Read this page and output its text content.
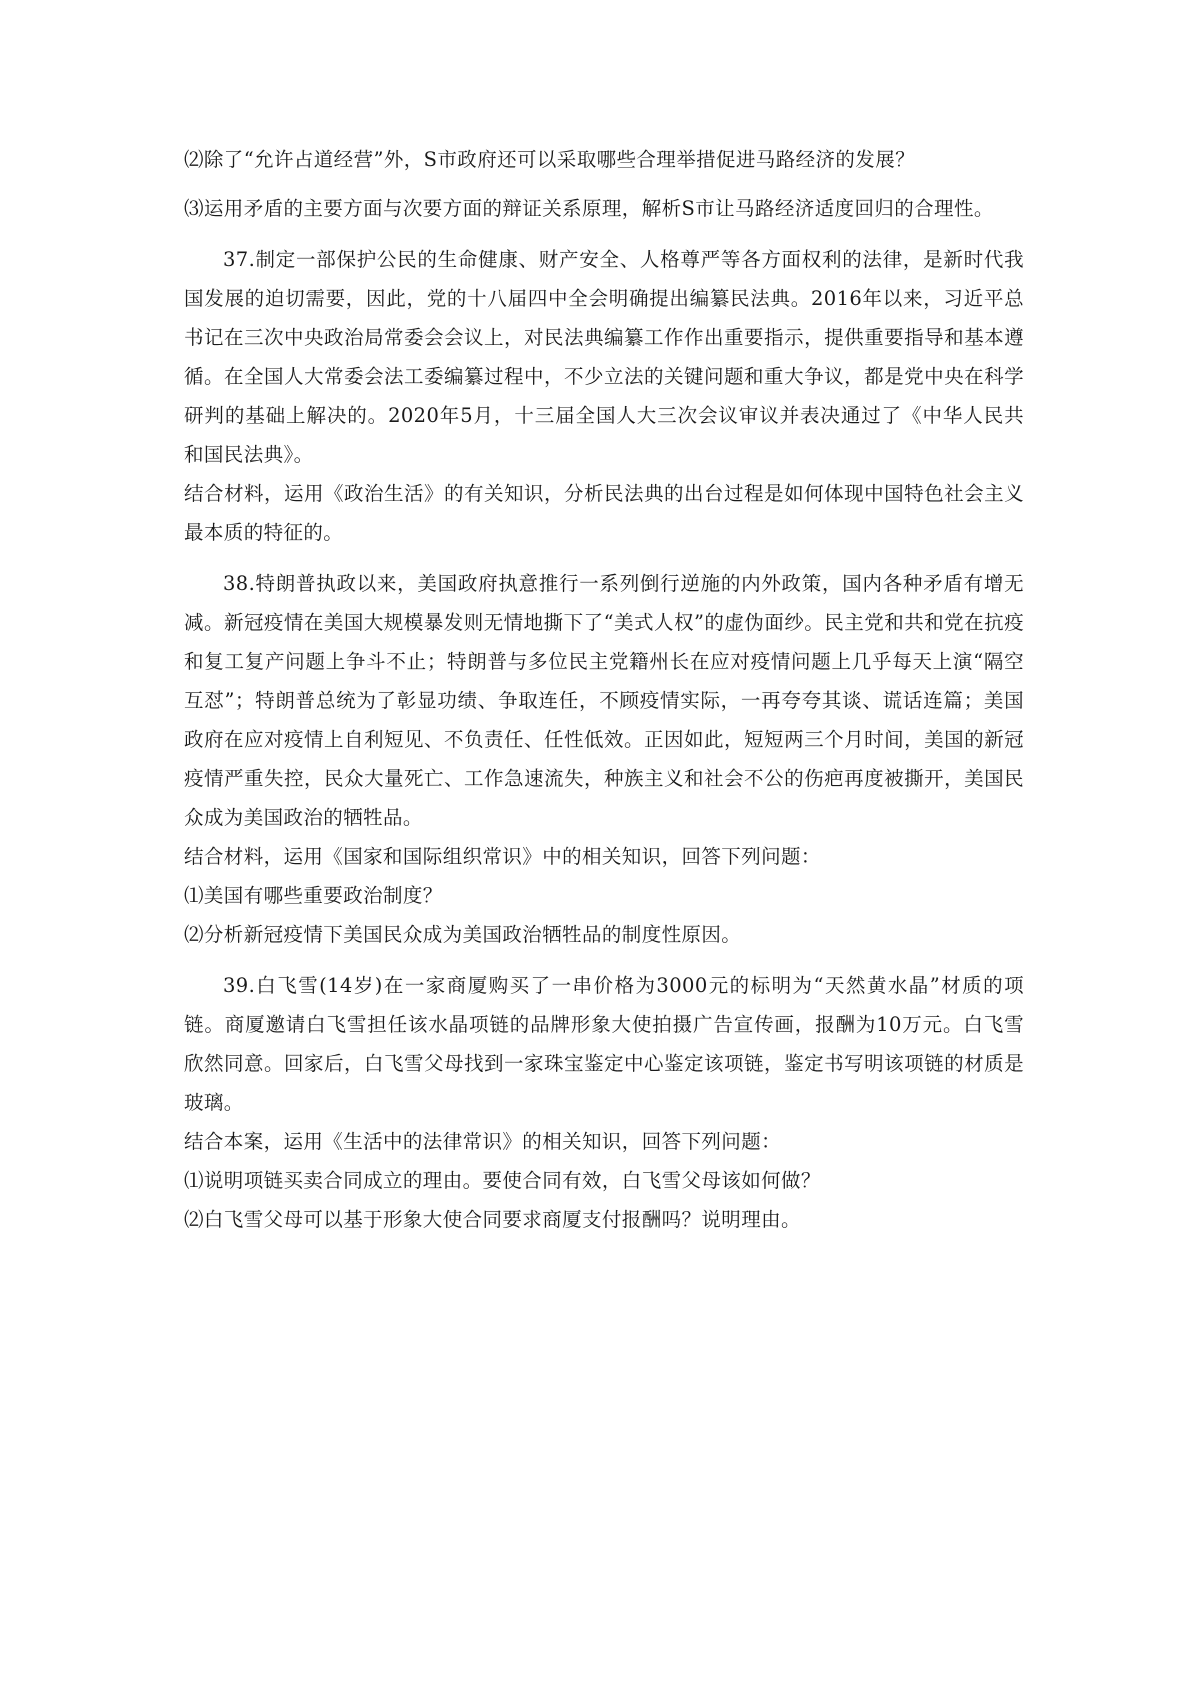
⑵除了“允许占道经营”外，S市政府还可以采取哪些合理举措促进马路经济的发展？

⑶运用矛盾的主要方面与次要方面的辩证关系原理，解析S市让马路经济适度回归的合理性。

37.制定一部保护公民的生命健康、财产安全、人格尊严等各方面权利的法律，是新时代我国发展的迫切需要，因此，党的十八届四中全会明确提出编纂民法典。2016年以来，习近平总书记在三次中央政治局常委会会议上，对民法典编纂工作作出重要指示，提供重要指导和基本遵循。在全国人大常委会法工委编纂过程中，不少立法的关键问题和重大争议，都是党中央在科学研判的基础上解决的。2020年5月，十三届全国人大三次会议审议并表决通过了《中华人民共和国民法典》。

结合材料，运用《政治生活》的有关知识，分析民法典的出台过程是如何体现中国特色社会主义最本质的特征的。

38.特朗普执政以来，美国政府执意推行一系列倒行逆施的内外政策，国内各种矛盾有增无减。新冠疫情在美国大规模暴发则无情地撕下了“美式人权”的虚伪面纱。民主党和共和党在抗疫和复工复产问题上争斗不止；特朗普与多位民主党籍州长在应对疫情问题上几乎每天上演“隔空互怼”；特朗普总统为了彰显功绩、争取连任，不顾疫情实际，一再夸夸其谈、谎话连篇；美国政府在应对疫情上自利短见、不负责任、任性低效。正因如此，短短两三个月时间，美国的新冠疫情严重失控，民众大量死亡、工作急速流失，种族主义和社会不公的伤疤再度被撕开，美国民众成为美国政治的牺牲品。

结合材料，运用《国家和国际组织常识》中的相关知识，回答下列问题：

⑴美国有哪些重要政治制度？

⑵分析新冠疫情下美国民众成为美国政治牺牲品的制度性原因。

39.白飞雪(14岁)在一家商厦购买了一串价格为3000元的标明为“天然黄水晶”材质的项链。商厦邀请白飞雪担任该水晶项链的品牌形象大使拍摄广告宣传画，报酬为10万元。白飞雪欣然同意。回家后，白飞雪父母找到一家珠宝鉴定中心鉴定该项链，鉴定书写明该项链的材质是玻璃。

结合本案，运用《生活中的法律常识》的相关知识，回答下列问题：

⑴说明项链买卖合同成立的理由。要使合同有效，白飞雪父母该如何做？

⑵白飞雪父母可以基于形象大使合同要求商厦支付报酬吗？说明理由。
